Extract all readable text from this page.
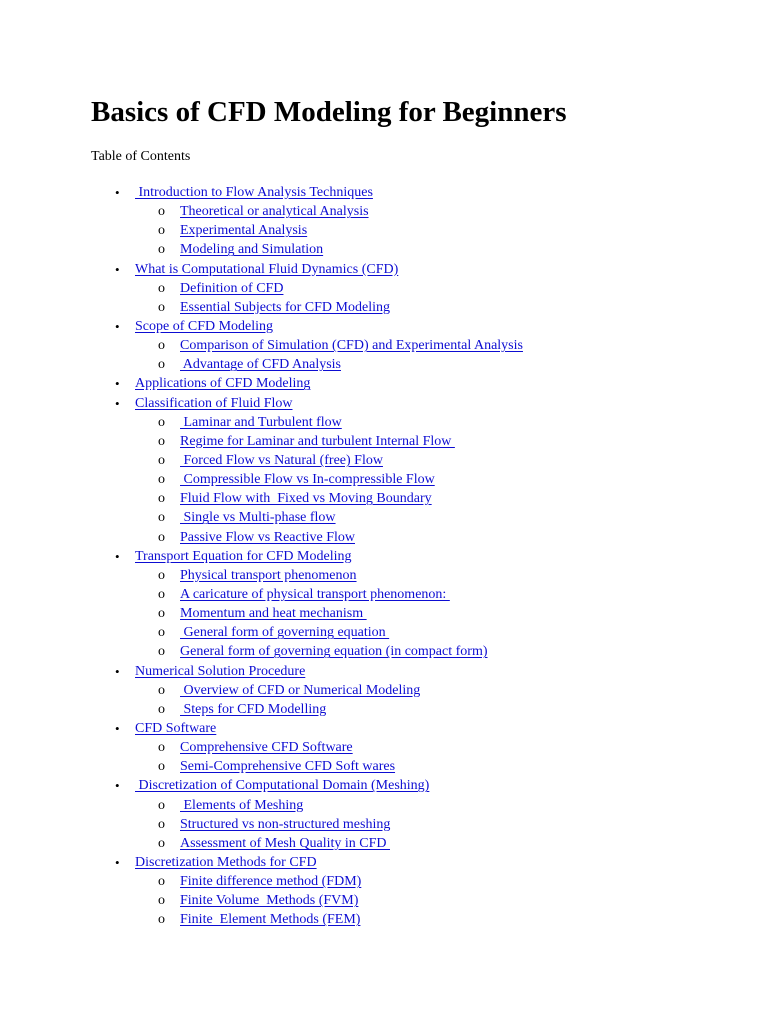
Basics of CFD Modeling for Beginners
Table of Contents
• Introduction to Flow Analysis Techniques
o Theoretical or analytical Analysis
o Experimental Analysis
o Modeling and Simulation
• What is Computational Fluid Dynamics (CFD)
o Definition of CFD
o Essential Subjects for CFD Modeling
• Scope of CFD Modeling
o Comparison of Simulation (CFD) and Experimental Analysis
o Advantage of CFD Analysis
• Applications of CFD Modeling
• Classification of Fluid Flow
o Laminar and Turbulent flow
o Regime for Laminar and turbulent Internal Flow
o Forced Flow vs Natural (free) Flow
o Compressible Flow vs In-compressible Flow
o Fluid Flow with  Fixed vs Moving Boundary
o Single vs Multi-phase flow
o Passive Flow vs Reactive Flow
• Transport Equation for CFD Modeling
o Physical transport phenomenon
o A caricature of physical transport phenomenon:
o Momentum and heat mechanism
o General form of governing equation
o General form of governing equation (in compact form)
• Numerical Solution Procedure
o Overview of CFD or Numerical Modeling
o Steps for CFD Modelling
• CFD Software
o Comprehensive CFD Software
o Semi-Comprehensive CFD Soft wares
• Discretization of Computational Domain (Meshing)
o Elements of Meshing
o Structured vs non-structured meshing
o Assessment of Mesh Quality in CFD
• Discretization Methods for CFD
o Finite difference method (FDM)
o Finite Volume  Methods (FVM)
o Finite  Element Methods (FEM)
